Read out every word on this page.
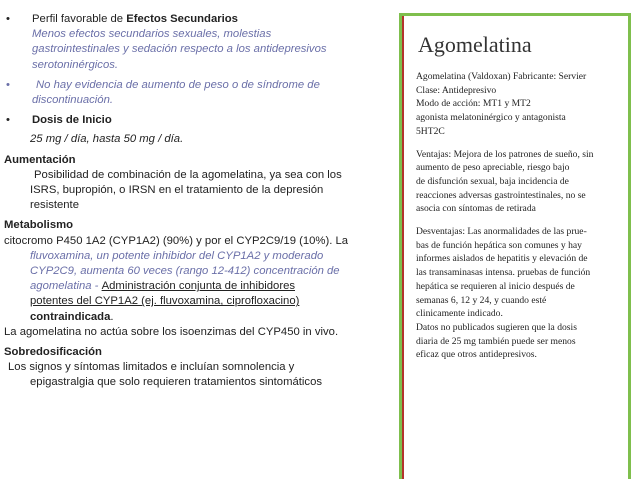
•	Perfil favorable de Efectos Secundarios
Menos efectos secundarios sexuales, molestias
gastrointestinales y sedación respecto a los antidepresivos
serotoninérgicos.
•	No hay evidencia de aumento de peso o de síndrome de
discontinuación.
•	Dosis de Inicio
25 mg / día, hasta 50 mg / día.
Aumentación
Posibilidad de combinación de la agomelatina, ya sea con los
ISRS, bupropión, o IRSN en el tratamiento de la depresión
resistente
Metabolismo
citocromo P450 1A2 (CYP1A2) (90%) y por el CYP2C9/19 (10%). La
fluvoxamina, un potente inhibidor del CYP1A2 y moderado
CYP2C9, aumenta 60 veces (rango 12-412) concentración de
agomelatina - Administración conjunta de inhibidores
potentes del CYP1A2 (ej. fluvoxamina, ciprofloxacino)
contraindicada.
La agomelatina no actúa sobre los isoenzimas del CYP450 in vivo.
Sobredosificación
Los signos y síntomas limitados e incluían somnolencia y
epigastralgia que solo requieren tratamientos sintomáticos
Agomelatina
Agomelatina (Valdoxan) Fabricante: Servier
Clase: Antidepresivo
Modo de acción: MT1 y MT2
agonista melatoninérgico y antagonista
5HT2C
Ventajas: Mejora de los patrones de sueño, sin
aumento de peso apreciable, riesgo bajo
de disfunción sexual, baja incidencia de
reacciones adversas gastrointestinales, no se
asocia con síntomas de retirada
Desventajas: Las anormalidades de las prue-
bas de función hepática son comunes y hay
informes aislados de hepatitis y elevación de
las transaminasas intensa. pruebas de función
hepática se requieren al inicio después de
semanas 6, 12 y 24, y cuando esté
clinicamente indicado.
Datos no publicados sugieren que la dosis
diaria de 25 mg también puede ser menos
eficaz que otros antidepresivos.
